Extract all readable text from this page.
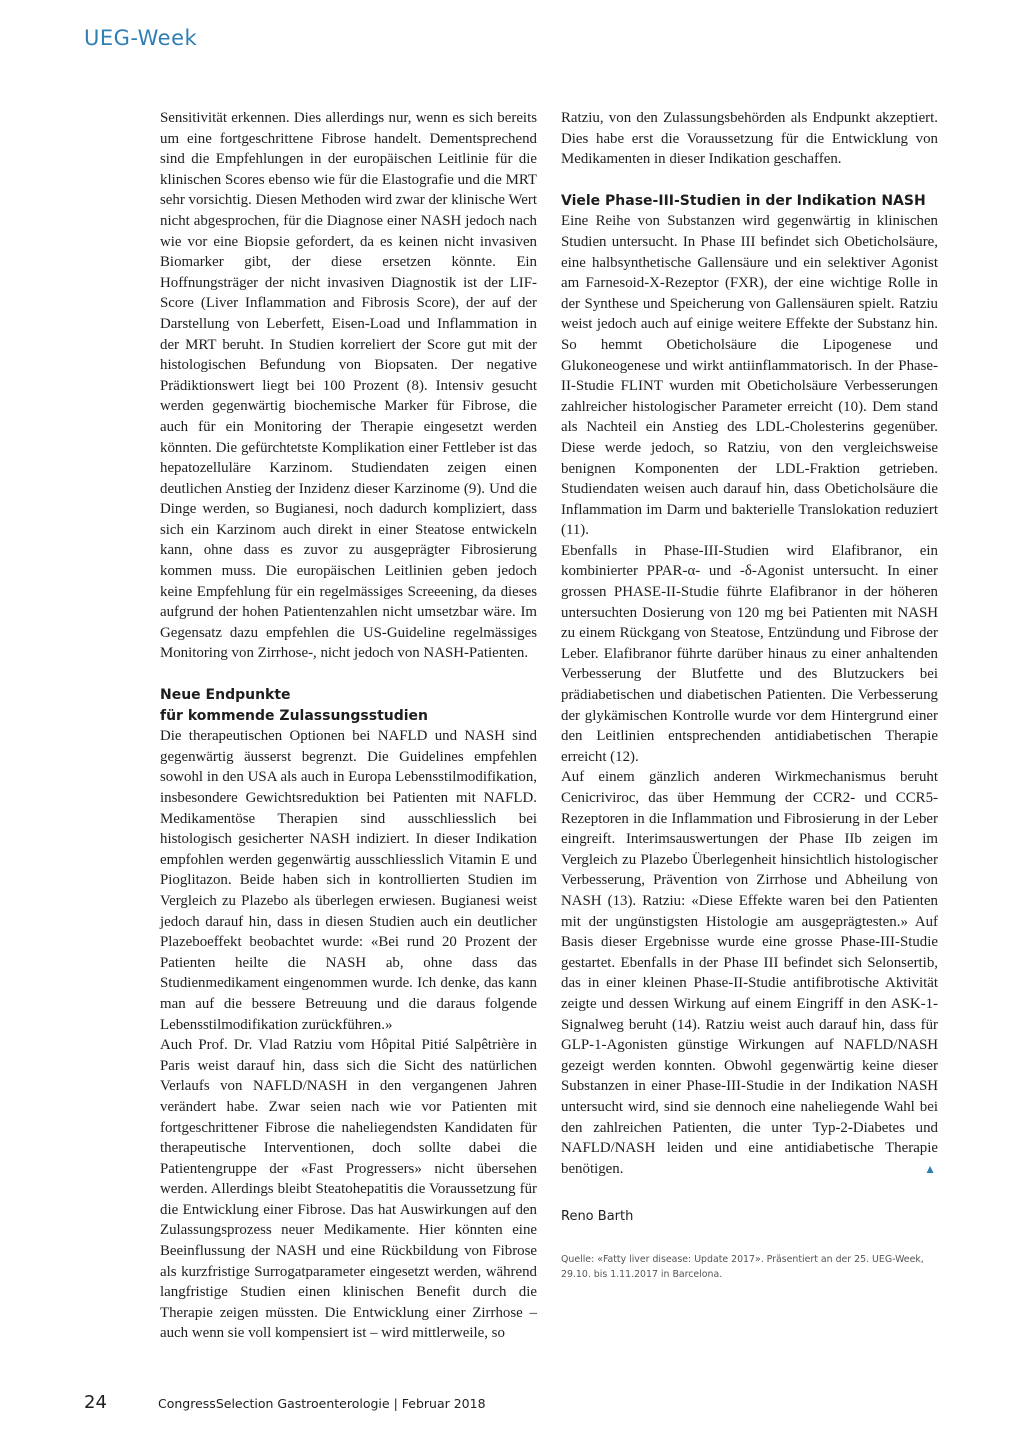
UEG-Week

Sensitivität erkennen. Dies allerdings nur, wenn es sich bereits um eine fortgeschrittene Fibrose handelt. Dementsprechend sind die Empfehlungen in der europäischen Leitlinie für die klinischen Scores ebenso wie für die Elastografie und die MRT sehr vorsichtig. Diesen Methoden wird zwar der klinische Wert nicht abgesprochen, für die Diagnose einer NASH jedoch nach wie vor eine Biopsie gefordert, da es keinen nicht invasiven Biomarker gibt, der diese ersetzen könnte. Ein Hoffnungsträger der nicht invasiven Diagnostik ist der LIF-Score (Liver Inflammation and Fibrosis Score), der auf der Darstellung von Leberfett, Eisen-Load und Inflammation in der MRT beruht. In Studien korreliert der Score gut mit der histologischen Befundung von Biopsaten. Der negative Prädiktionswert liegt bei 100 Prozent (8). Intensiv gesucht werden gegenwärtig biochemische Marker für Fibrose, die auch für ein Monitoring der Therapie eingesetzt werden könnten. Die gefürchtetste Komplikation einer Fettleber ist das hepatozelluläre Karzinom. Studiendaten zeigen einen deutlichen Anstieg der Inzidenz dieser Karzinome (9). Und die Dinge werden, so Bugianesi, noch dadurch kompliziert, dass sich ein Karzinom auch direkt in einer Steatose entwickeln kann, ohne dass es zuvor zu ausgeprägter Fibrosierung kommen muss. Die europäischen Leitlinien geben jedoch keine Empfehlung für ein regelmässiges Screeening, da dieses aufgrund der hohen Patientenzahlen nicht umsetzbar wäre. Im Gegensatz dazu empfehlen die US-Guideline regelmässiges Monitoring von Zirrhose-, nicht jedoch von NASH-Patienten.

Neue Endpunkte
für kommende Zulassungsstudien

Die therapeutischen Optionen bei NAFLD und NASH sind gegenwärtig äusserst begrenzt. Die Guidelines empfehlen sowohl in den USA als auch in Europa Lebensstilmodifikation, insbesondere Gewichtsreduktion bei Patienten mit NAFLD. Medikamentöse Therapien sind ausschliesslich bei histologisch gesicherter NASH indiziert. In dieser Indikation empfohlen werden gegenwärtig ausschliesslich Vitamin E und Pioglitazon. Beide haben sich in kontrollierten Studien im Vergleich zu Plazebo als überlegen erwiesen. Bugianesi weist jedoch darauf hin, dass in diesen Studien auch ein deutlicher Plazeboeffekt beobachtet wurde: «Bei rund 20 Prozent der Patienten heilte die NASH ab, ohne dass das Studienmedikament eingenommen wurde. Ich denke, das kann man auf die bessere Betreuung und die daraus folgende Lebensstilmodifikation zurückführen.»

Auch Prof. Dr. Vlad Ratziu vom Hôpital Pitié Salpêtrière in Paris weist darauf hin, dass sich die Sicht des natürlichen Verlaufs von NAFLD/NASH in den vergangenen Jahren verändert habe. Zwar seien nach wie vor Patienten mit fortgeschrittener Fibrose die naheliegendsten Kandidaten für therapeutische Interventionen, doch sollte dabei die Patientengruppe der «Fast Progressers» nicht übersehen werden. Allerdings bleibt Steatohepatitis die Voraussetzung für die Entwicklung einer Fibrose. Das hat Auswirkungen auf den Zulassungsprozess neuer Medikamente. Hier könnten eine Beeinflussung der NASH und eine Rückbildung von Fibrose als kurzfristige Surrogatparameter eingesetzt werden, während langfristige Studien einen klinischen Benefit durch die Therapie zeigen müssten. Die Entwicklung einer Zirrhose – auch wenn sie voll kompensiert ist – wird mittlerweile, so

Ratziu, von den Zulassungsbehörden als Endpunkt akzeptiert. Dies habe erst die Voraussetzung für die Entwicklung von Medikamenten in dieser Indikation geschaffen.

Viele Phase-III-Studien in der Indikation NASH

Eine Reihe von Substanzen wird gegenwärtig in klinischen Studien untersucht. In Phase III befindet sich Obeticholsäure, eine halbsynthetische Gallensäure und ein selektiver Agonist am Farnesoid-X-Rezeptor (FXR), der eine wichtige Rolle in der Synthese und Speicherung von Gallensäuren spielt. Ratziu weist jedoch auch auf einige weitere Effekte der Substanz hin. So hemmt Obeticholsäure die Lipogenese und Glukoneogenese und wirkt antiinflammatorisch. In der Phase-II-Studie FLINT wurden mit Obeticholsäure Verbesserungen zahlreicher histologischer Parameter erreicht (10). Dem stand als Nachteil ein Anstieg des LDL-Cholesterins gegenüber. Diese werde jedoch, so Ratziu, von den vergleichsweise benignen Komponenten der LDL-Fraktion getrieben. Studiendaten weisen auch darauf hin, dass Obeticholsäure die Inflammation im Darm und bakterielle Translokation reduziert (11).

Ebenfalls in Phase-III-Studien wird Elafibranor, ein kombinierter PPAR-α- und -δ-Agonist untersucht. In einer grossen PHASE-II-Studie führte Elafibranor in der höheren untersuchten Dosierung von 120 mg bei Patienten mit NASH zu einem Rückgang von Steatose, Entzündung und Fibrose der Leber. Elafibranor führte darüber hinaus zu einer anhaltenden Verbesserung der Blutfette und des Blutzuckers bei prädiabetischen und diabetischen Patienten. Die Verbesserung der glykämischen Kontrolle wurde vor dem Hintergrund einer den Leitlinien entsprechenden antidiabetischen Therapie erreicht (12).

Auf einem gänzlich anderen Wirkmechanismus beruht Cenicriviroc, das über Hemmung der CCR2- und CCR5-Rezeptoren in die Inflammation und Fibrosierung in der Leber eingreift. Interimsauswertungen der Phase IIb zeigen im Vergleich zu Plazebo Überlegenheit hinsichtlich histologischer Verbesserung, Prävention von Zirrhose und Abheilung von NASH (13). Ratziu: «Diese Effekte waren bei den Patienten mit der ungünstigsten Histologie am ausgeprägtesten.» Auf Basis dieser Ergebnisse wurde eine grosse Phase-III-Studie gestartet. Ebenfalls in der Phase III befindet sich Selonsertib, das in einer kleinen Phase-II-Studie antifibrotische Aktivität zeigte und dessen Wirkung auf einem Eingriff in den ASK-1-Signalweg beruht (14). Ratziu weist auch darauf hin, dass für GLP-1-Agonisten günstige Wirkungen auf NAFLD/NASH gezeigt werden konnten. Obwohl gegenwärtig keine dieser Substanzen in einer Phase-III-Studie in der Indikation NASH untersucht wird, sind sie dennoch eine naheliegende Wahl bei den zahlreichen Patienten, die unter Typ-2-Diabetes und NAFLD/NASH leiden und eine antidiabetische Therapie benötigen.	▲

Reno Barth
Quelle: «Fatty liver disease: Update 2017». Präsentiert an der 25. UEG-Week, 29.10. bis 1.11.2017 in Barcelona.
24	CongressSelection Gastroenterologie | Februar 2018
